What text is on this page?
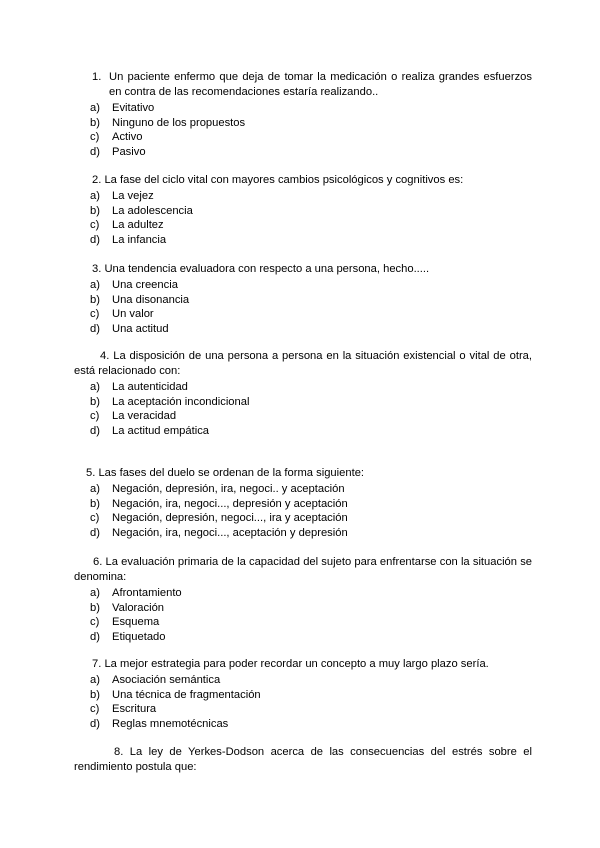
1. Un paciente enfermo que deja de tomar la medicación o realiza grandes esfuerzos en contra de las recomendaciones estaría realizando..

a)	Evitativo
b)	Ninguno de los propuestos
c)	Activo
d)	Pasivo

2. La fase del ciclo vital con mayores cambios psicológicos y cognitivos es:

a)	La vejez
b)	La adolescencia
c)	La adultez
d)	La infancia

3. Una tendencia evaluadora con respecto a una persona, hecho.....

a)	Una creencia
b)	Una disonancia
c)	Un valor
d)	Una actitud

4. La disposición de una persona a persona en la situación existencial o vital de otra, está relacionado con:

a)	La autenticidad
b)	La aceptación incondicional
c)	La veracidad
d)	La actitud empática

5. Las fases del duelo se ordenan de la forma siguiente:

a)	Negación, depresión, ira, negoci.. y aceptación
b)	Negación, ira, negoci..., depresión y aceptación
c)	Negación, depresión, negoci..., ira y aceptación
d)	Negación, ira, negoci..., aceptación y depresión

6. La evaluación primaria de la capacidad del sujeto para enfrentarse con la situación se denomina:

a)	Afrontamiento
b)	Valoración
c)	Esquema
d)	Etiquetado

7. La mejor estrategia para poder recordar un concepto a muy largo plazo sería.

a)	Asociación semántica
b)	Una técnica de fragmentación
c)	Escritura
d)	Reglas mnemotécnicas

8. La ley de Yerkes-Dodson acerca de las consecuencias del estrés sobre el rendimiento postula que:
